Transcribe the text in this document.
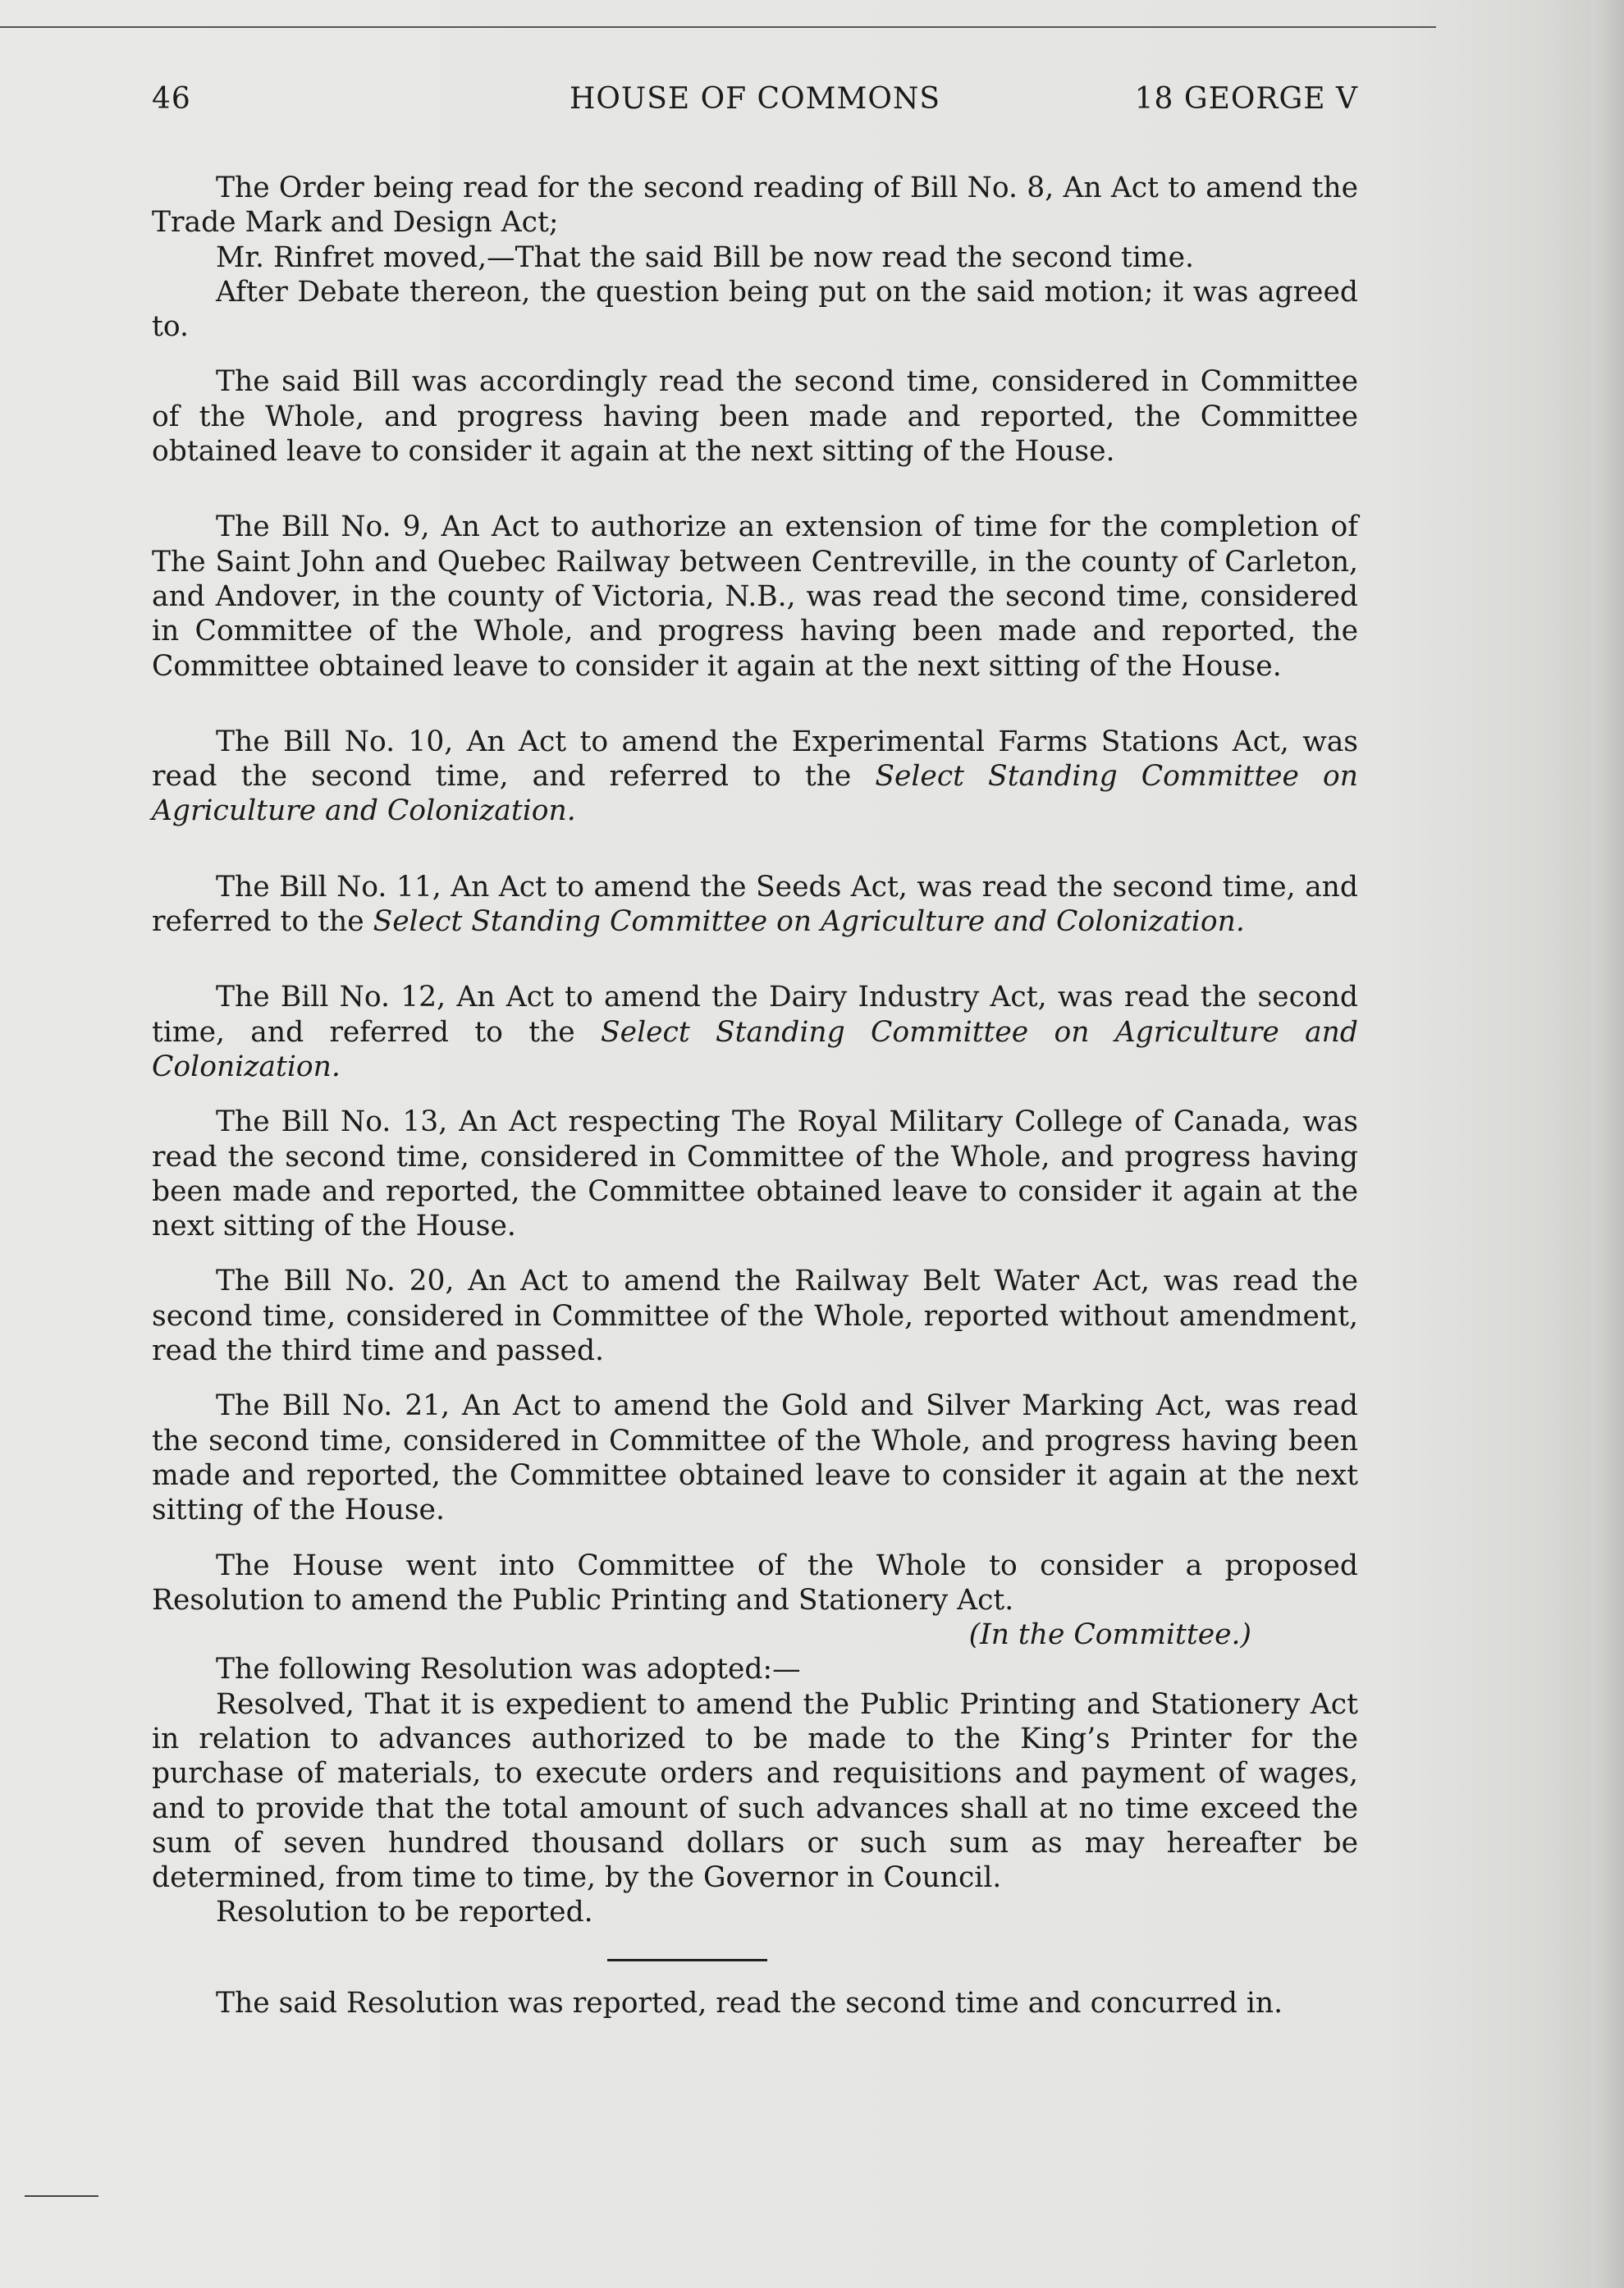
46	HOUSE OF COMMONS	18 GEORGE V

The Order being read for the second reading of Bill No. 8, An Act to amend the Trade Mark and Design Act;

Mr. Rinfret moved,—That the said Bill be now read the second time.

After Debate thereon, the question being put on the said motion; it was agreed to.

The said Bill was accordingly read the second time, considered in Committee of the Whole, and progress having been made and reported, the Committee obtained leave to consider it again at the next sitting of the House.

The Bill No. 9, An Act to authorize an extension of time for the completion of The Saint John and Quebec Railway between Centreville, in the county of Carleton, and Andover, in the county of Victoria, N.B., was read the second time, considered in Committee of the Whole, and progress having been made and reported, the Committee obtained leave to consider it again at the next sitting of the House.

The Bill No. 10, An Act to amend the Experimental Farms Stations Act, was read the second time, and referred to the Select Standing Committee on Agriculture and Colonization.

The Bill No. 11, An Act to amend the Seeds Act, was read the second time, and referred to the Select Standing Committee on Agriculture and Colonization.

The Bill No. 12, An Act to amend the Dairy Industry Act, was read the second time, and referred to the Select Standing Committee on Agriculture and Colonization.

The Bill No. 13, An Act respecting The Royal Military College of Canada, was read the second time, considered in Committee of the Whole, and progress having been made and reported, the Committee obtained leave to consider it again at the next sitting of the House.

The Bill No. 20, An Act to amend the Railway Belt Water Act, was read the second time, considered in Committee of the Whole, reported without amendment, read the third time and passed.

The Bill No. 21, An Act to amend the Gold and Silver Marking Act, was read the second time, considered in Committee of the Whole, and progress having been made and reported, the Committee obtained leave to consider it again at the next sitting of the House.

The House went into Committee of the Whole to consider a proposed Resolution to amend the Public Printing and Stationery Act.

(In the Committee.)

The following Resolution was adopted:—

Resolved, That it is expedient to amend the Public Printing and Stationery Act in relation to advances authorized to be made to the King’s Printer for the purchase of materials, to execute orders and requisitions and payment of wages, and to provide that the total amount of such advances shall at no time exceed the sum of seven hundred thousand dollars or such sum as may hereafter be determined, from time to time, by the Governor in Council.

Resolution to be reported.

The said Resolution was reported, read the second time and concurred in.
